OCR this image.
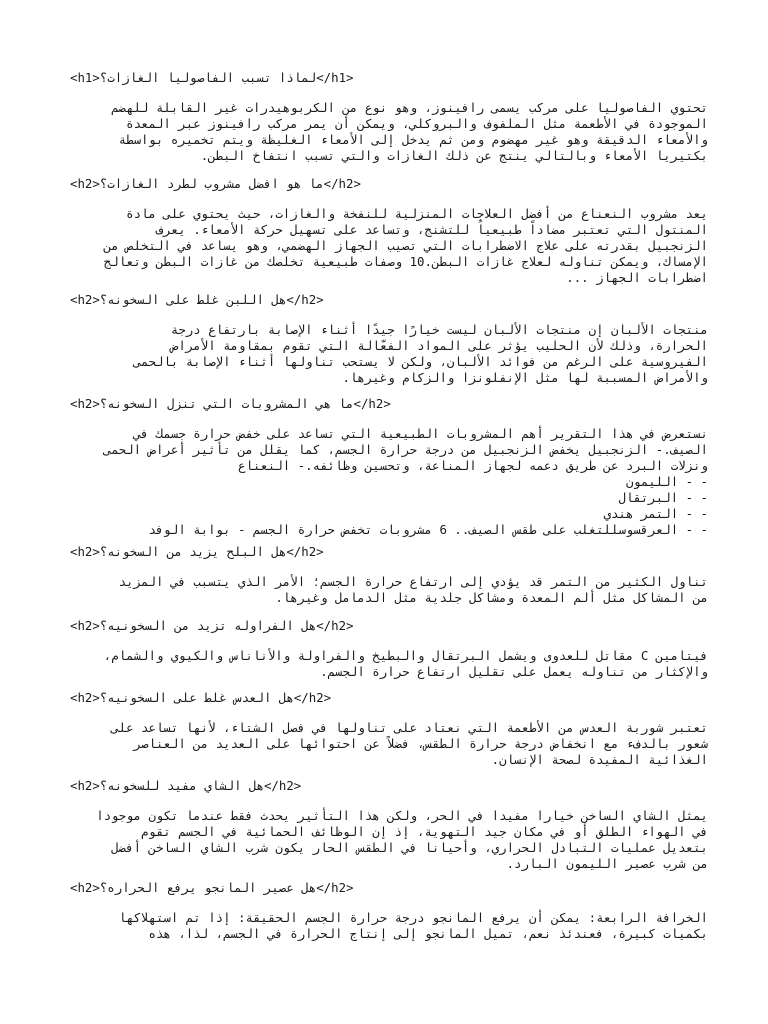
<h1>لماذا تسبب الفاصوليا الغازات؟</h1>
تحتوي الفاصوليا على مركب يسمى رافينوز، وهو نوع من الكربوهيدرات غير القابلة للهضم
الموجودة في الأطعمة مثل الملفوف والبروكلي، ويمكن أن يمر مركب رافينوز عبر المعدة
والأمعاء الدقيقة وهو غير مهضوم ومن ثم يدخل إلى الأمعاء الغليظة ويتم تخميره بواسطة
بكتيريا الأمعاء وبالتالي ينتج عن ذلك الغازات والتي تسبب انتفاخ البطن.
<h2>ما هو افضل مشروب لطرد الغازات؟</h2>
يعد مشروب النعناع من أفضل العلاجات المنزلية للنفخة والغازات، حيث يحتوي على مادة
المنتول التي تعتبر مضاداً طبيعياً للتشنج، وتساعد على تسهيل حركة الأمعاء. يعرف
الزنجبيل بقدرته على علاج الاضطرابات التي تصيب الجهاز الهضمي، وهو يساعد في التخلص من
الإمساك، ويمكن تناوله لعلاج غازات البطن.10 وصفات طبيعية تخلصك من غازات البطن وتعالج
اضطرابات الجهاز ...
<h2>هل اللبن غلط على السخونه؟</h2>
منتجات الألبان إن منتجات الألبان ليست خيارًا جيدًا أثناء الإصابة بارتفاع درجة
الحرارة، وذلك لأن الحليب يؤثر على المواد الفعّالة التي تقوم بمقاومة الأمراض
الفيروسية على الرغم من فوائد الألبان، ولكن لا يستحب تناولها أثناء الإصابة بالحمى
والأمراض المسببة لها مثل الإنفلونزا والزكام وغيرها.
<h2>ما هي المشروبات التي تنزل السخونه؟</h2>
نستعرض في هذا التقرير أهم المشروبات الطبيعية التي تساعد على خفض حرارة جسمك في
الصيف.- الزنجبيل يخفض الزنجبيل من درجة حرارة الجسم، كما يقلل من تأثير أعراض الحمى
ونزلات البرد عن طريق دعمه لجهاز المناعة، وتحسين وظائفه.- النعناع
- - الليمون
- - البرتقال
- - التمر هندي
- - العرقسوسللتغلب على طقس الصيف.. 6 مشروبات تخفض حرارة الجسم - بوابة الوفد
<h2>هل البلح يزيد من السخونه؟</h2>
تناول الكثير من التمر قد يؤدي إلى ارتفاع حرارة الجسم؛ الأمر الذي يتسبب في المزيد
من المشاكل مثل ألم المعدة ومشاكل جلدية مثل الدمامل وغيرها.
<h2>هل الفراوله تزيد من السخونيه؟</h2>
فيتامين C مقاتل للعدوى ويشمل البرتقال والبطيخ والفراولة والأناناس والكيوي والشمام،
والإكثار من تناوله يعمل على تقليل ارتفاع حرارة الجسم.
<h2>هل العدس غلط على السخونيه؟</h2>
تعتبر شوربة العدس من الأطعمة التي نعتاد على تناولها في فصل الشتاء، لأنها تساعد على
شعور بالدفء مع انخفاض درجة حرارة الطقس، فضلاً عن احتوائها على العديد من العناصر
الغذائية المفيدة لصحة الإنسان.
<h2>هل الشاي مفيد للسخونه؟</h2>
يمثل الشاي الساخن خيارا مفيدا في الحر، ولكن هذا التأثير يحدث فقط عندما تكون موجودا
في الهواء الطلق أو في مكان جيد التهوية، إذ إن الوظائف الحمائية في الجسم تقوم
بتعديل عمليات التبادل الحراري، وأحيانا في الطقس الحار يكون شرب الشاي الساخن أفضل
من شرب عصير الليمون البارد.
<h2>هل عصير المانجو يرفع الحراره؟</h2>
الخرافة الرابعة: يمكن أن يرفع المانجو درجة حرارة الجسم الحقيقة: إذا تم استهلاكها
بكميات كبيرة، فعندئذ نعم، تميل المانجو إلى إنتاج الحرارة في الجسم، لذا، هذه
